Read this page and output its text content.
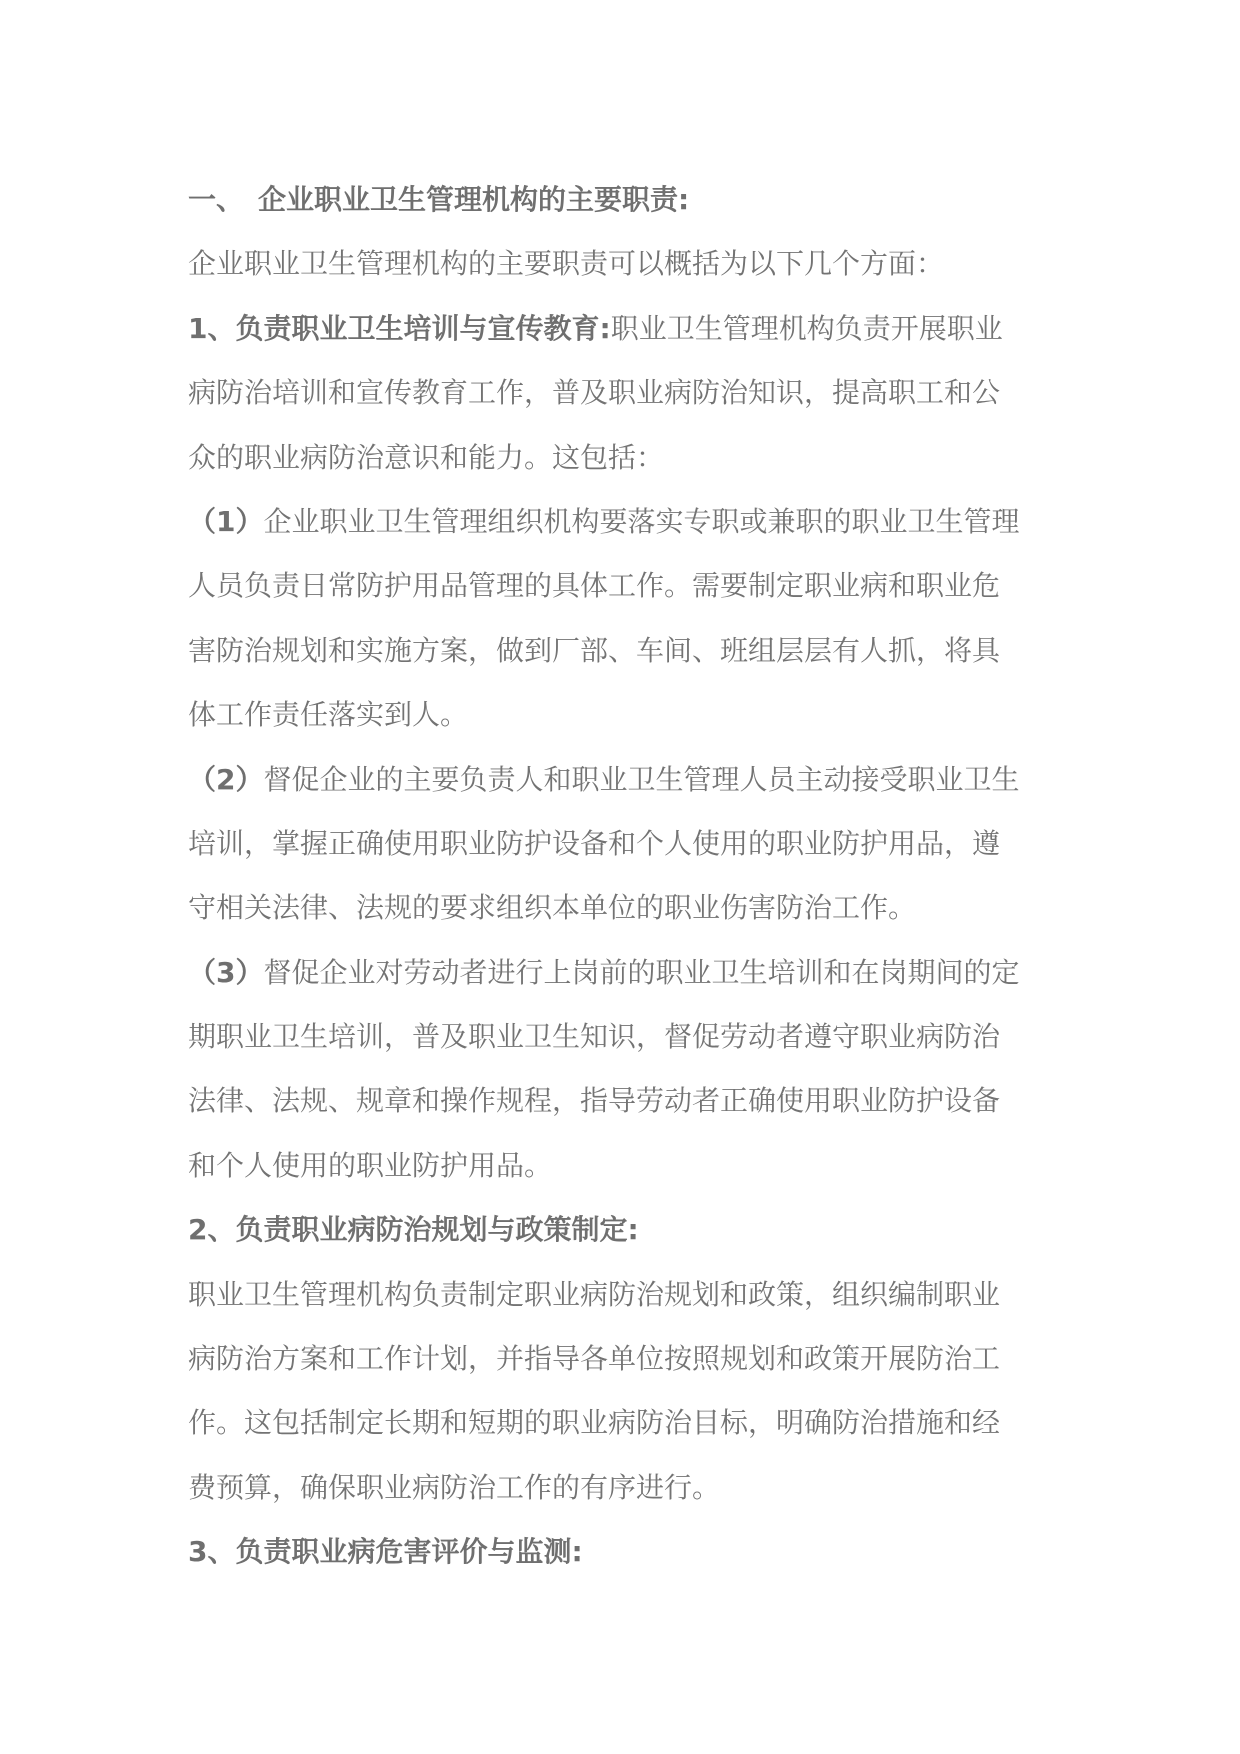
一、 企业职业卫生管理机构的主要职责:
企业职业卫生管理机构的主要职责可以概括为以下几个方面：
1、负责职业卫生培训与宣传教育:职业卫生管理机构负责开展职业
病防治培训和宣传教育工作，普及职业病防治知识，提高职工和公
众的职业病防治意识和能力。这包括：
（1）企业职业卫生管理组织机构要落实专职或兼职的职业卫生管理
人员负责日常防护用品管理的具体工作。需要制定职业病和职业危
害防治规划和实施方案，做到厂部、车间、班组层层有人抓，将具
体工作责任落实到人。
（2）督促企业的主要负责人和职业卫生管理人员主动接受职业卫生
培训，掌握正确使用职业防护设备和个人使用的职业防护用品，遵
守相关法律、法规的要求组织本单位的职业伤害防治工作。
（3）督促企业对劳动者进行上岗前的职业卫生培训和在岗期间的定
期职业卫生培训，普及职业卫生知识，督促劳动者遵守职业病防治
法律、法规、规章和操作规程，指导劳动者正确使用职业防护设备
和个人使用的职业防护用品。
2、负责职业病防治规划与政策制定:
职业卫生管理机构负责制定职业病防治规划和政策，组织编制职业
病防治方案和工作计划，并指导各单位按照规划和政策开展防治工
作。这包括制定长期和短期的职业病防治目标，明确防治措施和经
费预算，确保职业病防治工作的有序进行。
3、负责职业病危害评价与监测:
